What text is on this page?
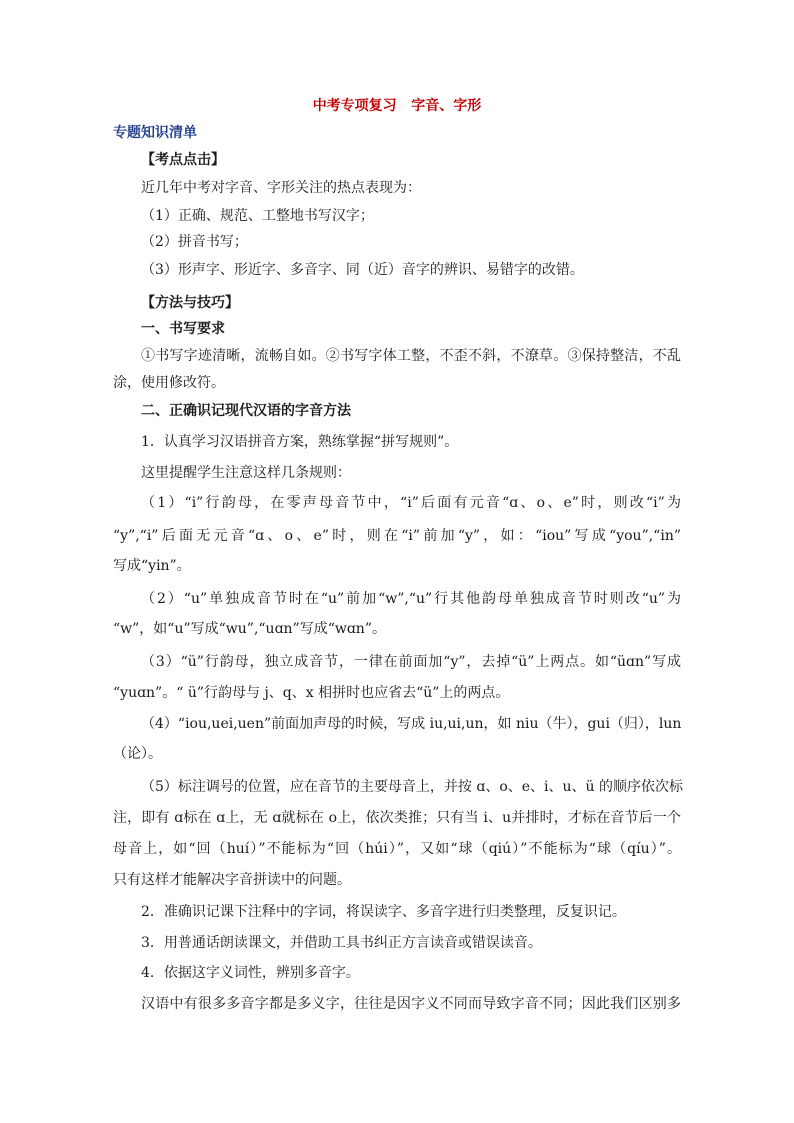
中考专项复习   字音、字形
专题知识清单
【考点点击】
近几年中考对字音、字形关注的热点表现为：
（1）正确、规范、工整地书写汉字；
（2）拼音书写；
（3）形声字、形近字、多音字、同（近）音字的辨识、易错字的改错。
【方法与技巧】
一、书写要求
①书写字迹清晰，流畅自如。②书写字体工整，不歪不斜，不潦草。③保持整洁，不乱
涂，使用修改符。
二、正确识记现代汉语的字音方法
1．认真学习汉语拼音方案，熟练掌握“拼写规则”。
这里提醒学生注意这样几条规则：
（1）“i”行韵母，在零声母音节中，“i”后面有元音“ɑ、o、e”时，则改“i”为
“y”,“i”后面无元音“ɑ、o、e”时，则在“i”前加“y”，如：“iou”写成“you”,“in”
写成“yin”。
（2）“u”单独成音节时在“u”前加“w”,“u”行其他韵母单独成音节时则改“u”为
“w”，如“u”写成“wu”,“uɑn”写成“wɑn”。
（3）“ü”行韵母，独立成音节，一律在前面加“y”，去掉“ü”上两点。如“üɑn”写成
“yuɑn”。“ ü”行韵母与 j、q、x 相拼时也应省去“ü”上的两点。
（4）“iou,uei,uen”前面加声母的时候，写成 iu,ui,un，如 niu（牛），gui（归），lun
（论）。
（5）标注调号的位置，应在音节的主要母音上，并按 ɑ、o、e、i、u、ü 的顺序依次标
注，即有 ɑ标在 ɑ上，无 ɑ就标在 o上，依次类推；只有当 i、u并排时，才标在音节后一个
母音上，如“回（huí）”不能标为“回（húi）”，又如“球（qiú）”不能标为“球（qíu）”。
只有这样才能解决字音拼读中的问题。
2．准确识记课下注释中的字词，将误读字、多音字进行归类整理，反复识记。
3．用普通话朗读课文，并借助工具书纠正方言读音或错误读音。
4．依据这字义词性，辨别多音字。
汉语中有很多多音字都是多义字，往往是因字义不同而导致字音不同；因此我们区别多
